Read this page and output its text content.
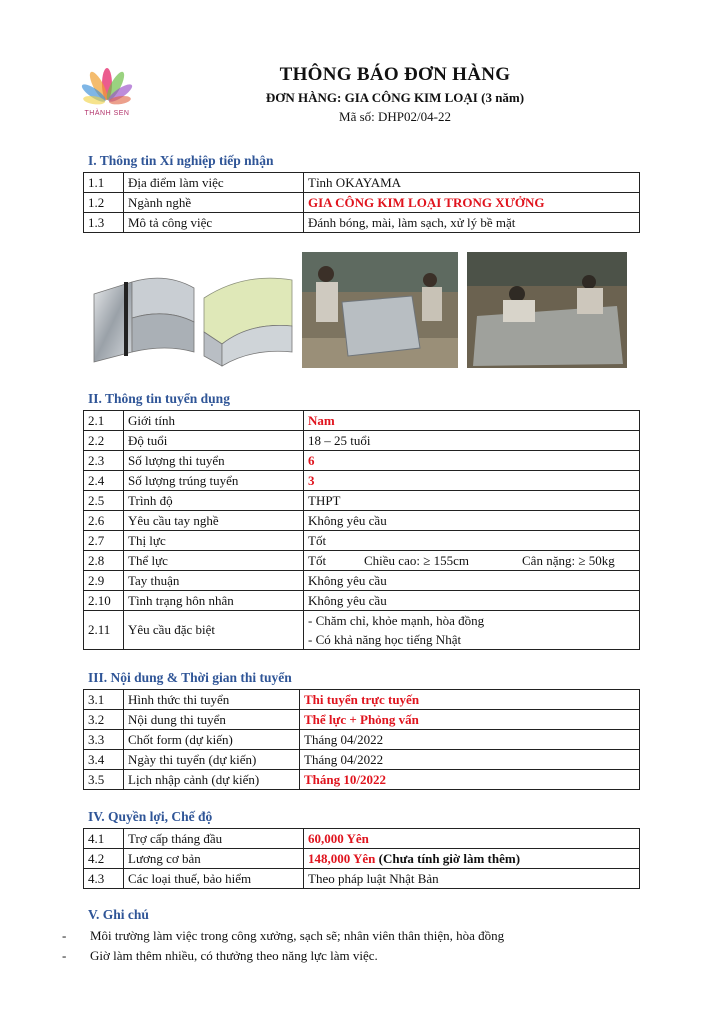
THÀNH SEN
THÔNG BÁO ĐƠN HÀNG
ĐƠN HÀNG: GIA CÔNG KIM LOẠI (3 năm)
Mã số: DHP02/04-22
I. Thông tin Xí nghiệp tiếp nhận
1.1	Địa điểm làm việc	Tỉnh OKAYAMA
1.2	Ngành nghề	GIA CÔNG KIM LOẠI TRONG XƯỞNG
1.3	Mô tả công việc	Đánh bóng, mài, làm sạch, xử lý bề mặt
II. Thông tin tuyển dụng
2.1	Giới tính	Nam
2.2	Độ tuổi	18 – 25 tuổi
2.3	Số lượng thi tuyển	6
2.4	Số lượng trúng tuyển	3
2.5	Trình độ	THPT
2.6	Yêu cầu tay nghề	Không yêu cầu
2.7	Thị lực	Tốt
2.8	Thể lực	Tốt Chiều cao: ≥ 155cm Cân nặng: ≥ 50kg
2.9	Tay thuận	Không yêu cầu
2.10	Tình trạng hôn nhân	Không yêu cầu
2.11	Yêu cầu đặc biệt	- Chăm chỉ, khỏe mạnh, hòa đồng
- Có khả năng học tiếng Nhật
III. Nội dung & Thời gian thi tuyển
3.1	Hình thức thi tuyển	Thi tuyển trực tuyến
3.2	Nội dung thi tuyển	Thể lực + Phỏng vấn
3.3	Chốt form (dự kiến)	Tháng 04/2022
3.4	Ngày thi tuyển (dự kiến)	Tháng 04/2022
3.5	Lịch nhập cảnh (dự kiến)	Tháng 10/2022
IV. Quyền lợi, Chế độ
4.1	Trợ cấp tháng đầu	60,000 Yên
4.2	Lương cơ bản	148,000 Yên (Chưa tính giờ làm thêm)
4.3	Các loại thuế, bảo hiểm	Theo pháp luật Nhật Bản
V. Ghi chú
- Môi trường làm việc trong công xưởng, sạch sẽ; nhân viên thân thiện, hòa đồng
- Giờ làm thêm nhiều, có thưởng theo năng lực làm việc.
